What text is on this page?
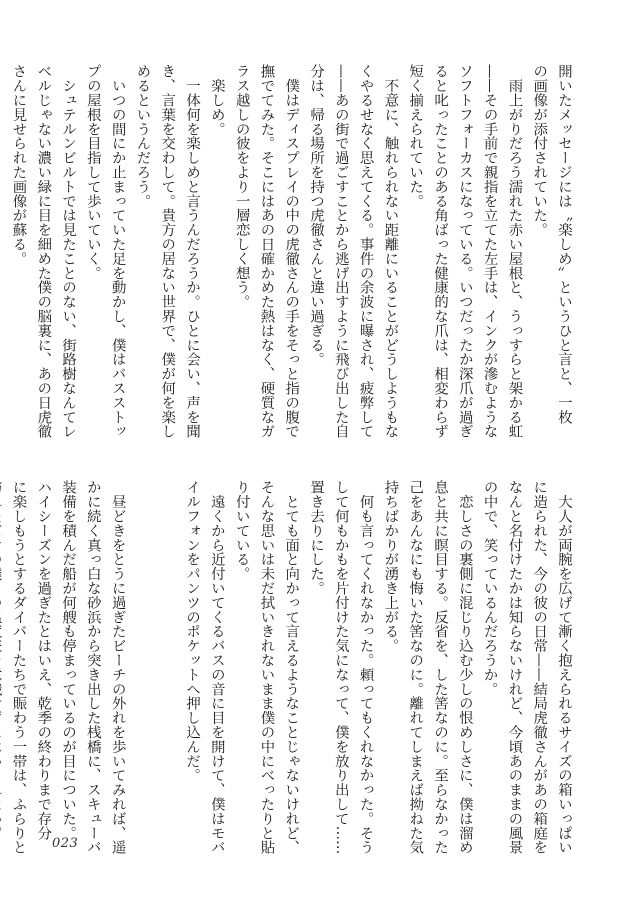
開いたメッセージには〝楽しめ〟というひと言と、一枚
の画像が添付されていた。
　雨上がりだろう濡れた赤い屋根と、うっすらと架かる虹
——その手前で親指を立てた左手は、インクが滲むような
ソフトフォーカスになっている。いつだったか深爪が過ぎ
ると叱ったことのある角ばった健康的な爪は、相変わらず
短く揃えられていた。
　不意に、触れられない距離にいることがどうしようもな
くやるせなく思えてくる。事件の余波に曝され、疲弊して
——あの街で過ごすことから逃げ出すように飛び出した自
分は、帰る場所を持つ虎徹さんと違い過ぎる。
　僕はディスプレイの中の虎徹さんの手をそっと指の腹で
撫でてみた。そこにはあの日確かめた熱はなく、硬質なガ
ラス越しの彼をより一層恋しく想う。
　楽しめ。
　一体何を楽しめと言うんだろうか。ひとに会い、声を聞
き、言葉を交わして。貴方の居ない世界で、僕が何を楽し
めるというんだろう。
　いつの間にか止まっていた足を動かし、僕はバスストッ
プの屋根を目指して歩いていく。
　シュテルンビルトでは見たことのない、街路樹なんてレ
ベルじゃない濃い緑に目を細めた僕の脳裏に、あの日虎徹
さんに見せられた画像が蘇る。
　大人が両腕を広げて漸く抱えられるサイズの箱いっぱい
に造られた、今の彼の日常——結局虎徹さんがあの箱庭を
なんと名付けたかは知らないけれど、今頃あのままの風景
の中で、笑っているんだろうか。
　恋しさの裏側に混じり込む少しの恨めしさに、僕は溜め
息と共に瞑目する。反省を、した筈なのに。至らなかった
己をあんなにも悔いた筈なのに。離れてしまえば拗ねた気
持ちばかりが湧き上がる。
　何も言ってくれなかった。頼ってもくれなかった。そう
して何もかもを片付けた気になって、僕を放り出して……
置き去りにした。
　とても面と向かって言えるようなことじゃないけれど、
そんな思いは未だ拭いきれないまま僕の中にべったりと貼
り付いている。
　遠くから近付いてくるバスの音に目を開けて、僕はモバ
イルフォンをパンツのポケットへ押し込んだ。

　昼どきをとうに過ぎたビーチの外れを歩いてみれば、遥
かに続く真っ白な砂浜から突き出した桟橋に、スキューバ
装備を積んだ船が何艘も停まっているのが目についた。
ハイシーズンを過ぎたとはいえ、乾季の終わりまで存分
に楽しもうとするダイバーたちで賑わう一帯は、ふらりと	023
